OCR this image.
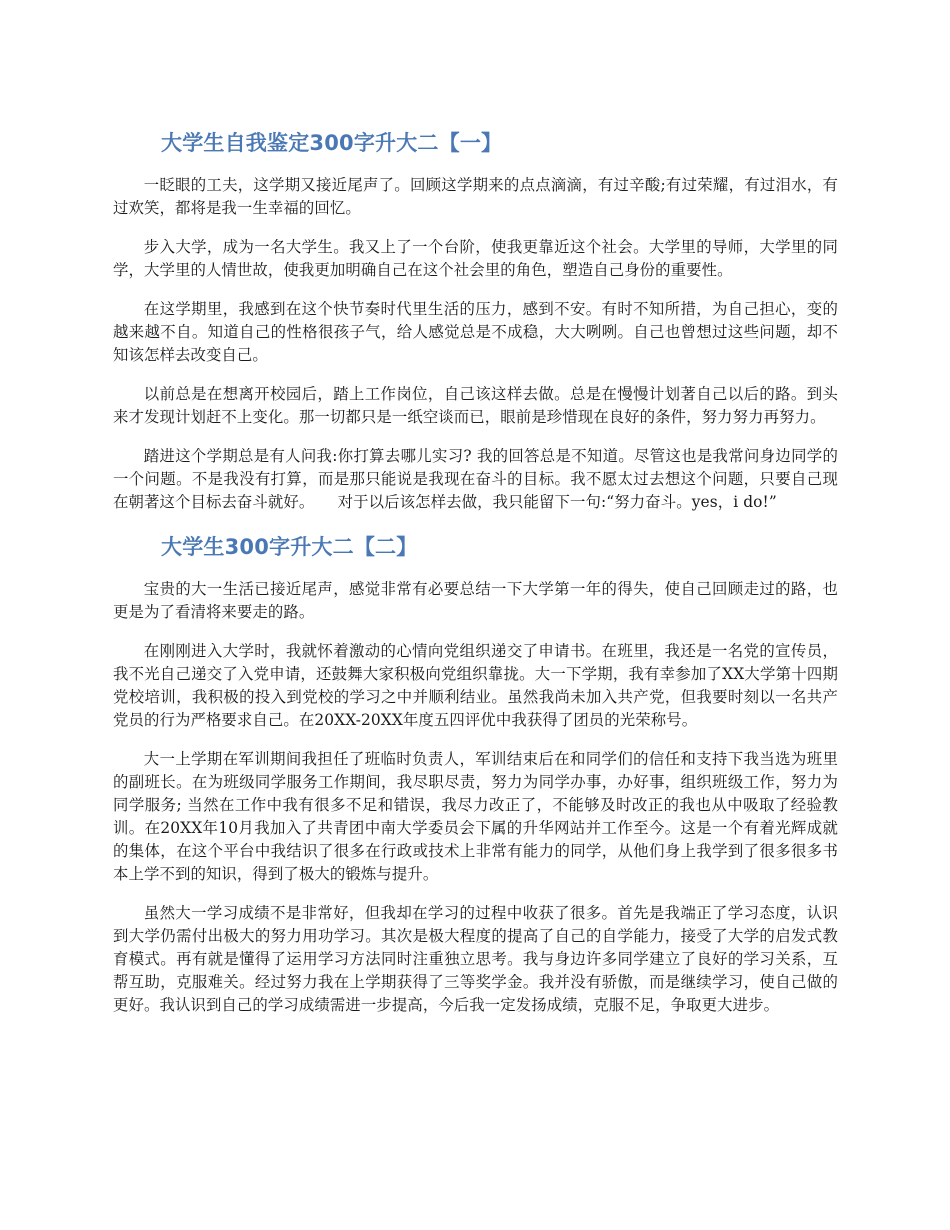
大学生自我鉴定300字升大二【一】

一眨眼的工夫，这学期又接近尾声了。回顾这学期来的点点滴滴，有过辛酸;有过荣耀，有过泪水，有过欢笑，都将是我一生幸福的回忆。

步入大学，成为一名大学生。我又上了一个台阶，使我更靠近这个社会。大学里的导师，大学里的同学，大学里的人情世故，使我更加明确自己在这个社会里的角色，塑造自己身份的重要性。

在这学期里，我感到在这个快节奏时代里生活的压力，感到不安。有时不知所措，为自己担心，变的越来越不自。知道自己的性格很孩子气，给人感觉总是不成稳，大大咧咧。自己也曾想过这些问题，却不知该怎样去改变自己。

以前总是在想离开校园后，踏上工作岗位，自己该这样去做。总是在慢慢计划著自己以后的路。到头来才发现计划赶不上变化。那一切都只是一纸空谈而已，眼前是珍惜现在良好的条件，努力努力再努力。

踏进这个学期总是有人问我:你打算去哪儿实习? 我的回答总是不知道。尽管这也是我常问身边同学的一个问题。不是我没有打算，而是那只能说是我现在奋斗的目标。我不愿太过去想这个问题，只要自己现在朝著这个目标去奋斗就好。　　对于以后该怎样去做，我只能留下一句:“努力奋斗。yes，i do!”

大学生300字升大二【二】

宝贵的大一生活已接近尾声，感觉非常有必要总结一下大学第一年的得失，使自己回顾走过的路，也更是为了看清将来要走的路。

在刚刚进入大学时，我就怀着激动的心情向党组织递交了申请书。在班里，我还是一名党的宣传员，我不光自己递交了入党申请，还鼓舞大家积极向党组织靠拢。大一下学期，我有幸参加了XX大学第十四期党校培训，我积极的投入到党校的学习之中并顺利结业。虽然我尚未加入共产党，但我要时刻以一名共产党员的行为严格要求自己。在20XX-20XX年度五四评优中我获得了团员的光荣称号。

大一上学期在军训期间我担任了班临时负责人，军训结束后在和同学们的信任和支持下我当选为班里的副班长。在为班级同学服务工作期间，我尽职尽责，努力为同学办事，办好事，组织班级工作，努力为同学服务; 当然在工作中我有很多不足和错误，我尽力改正了，不能够及时改正的我也从中吸取了经验教训。在20XX年10月我加入了共青团中南大学委员会下属的升华网站并工作至今。这是一个有着光辉成就的集体，在这个平台中我结识了很多在行政或技术上非常有能力的同学，从他们身上我学到了很多很多书本上学不到的知识，得到了极大的锻炼与提升。

虽然大一学习成绩不是非常好，但我却在学习的过程中收获了很多。首先是我端正了学习态度，认识到大学仍需付出极大的努力用功学习。其次是极大程度的提高了自己的自学能力，接受了大学的启发式教育模式。再有就是懂得了运用学习方法同时注重独立思考。我与身边许多同学建立了良好的学习关系，互帮互助，克服难关。经过努力我在上学期获得了三等奖学金。我并没有骄傲，而是继续学习，使自己做的更好。我认识到自己的学习成绩需进一步提高，今后我一定发扬成绩，克服不足，争取更大进步。
